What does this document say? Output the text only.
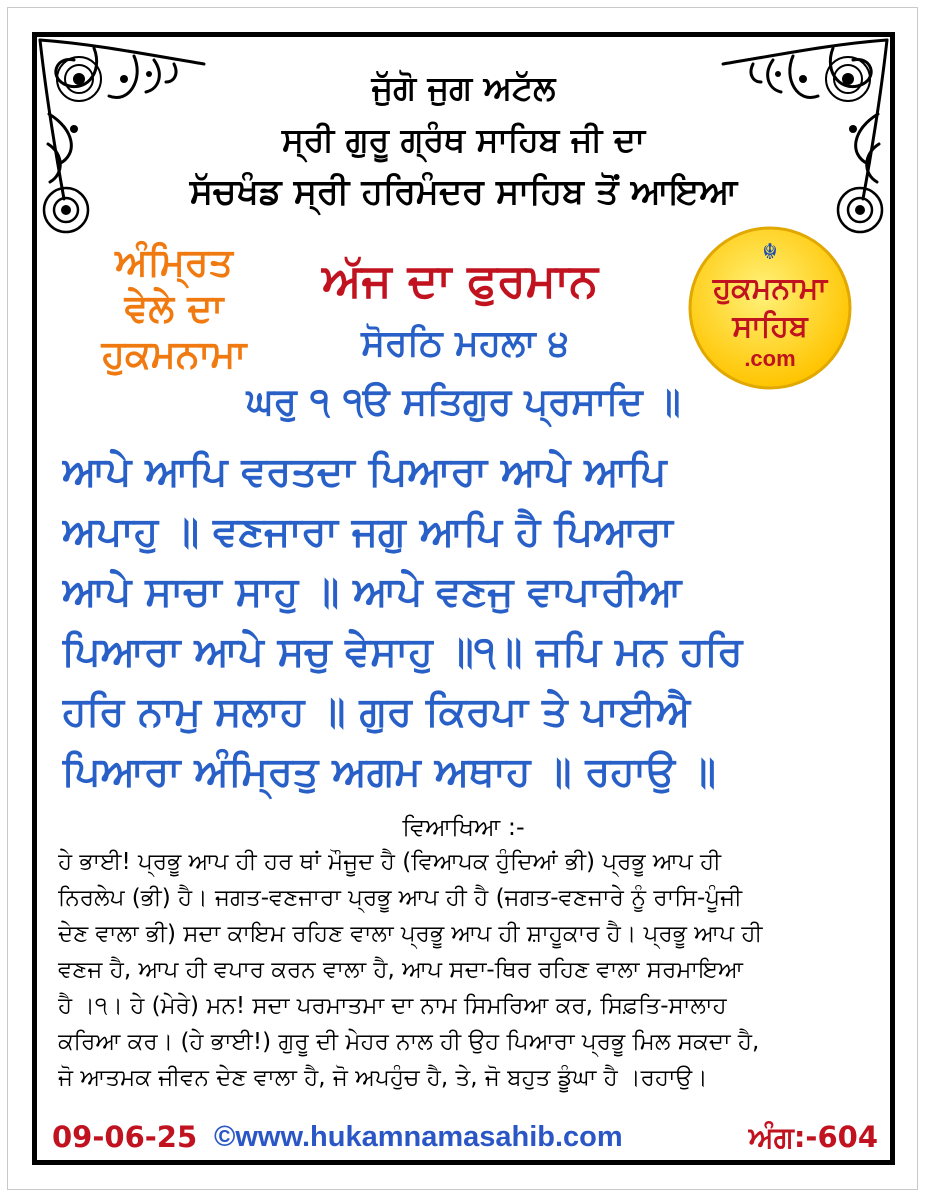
ਜੁੱਗੋ ਜੁਗ ਅਟੱਲ
ਸ੍ਰੀ ਗੁਰੂ ਗ੍ਰੰਥ ਸਾਹਿਬ ਜੀ ਦਾ
ਸੱਚਖੰਡ ਸ੍ਰੀ ਹਰਿਮੰਦਰ ਸਾਹਿਬ ਤੋਂ ਆਇਆ
ਅੰਮ੍ਰਿਤ
ਵੇਲੇ ਦਾ
ਹੁਕਮਨਾਮਾ
ਅੱਜ ਦਾ ਫੁਰਮਾਨ
☬
ਹੁਕਮਨਾਮਾ
ਸਾਹਿਬ
.com
ਸੋਰਠਿ ਮਹਲਾ ੪
ਘਰੁ ੧ ੧ੳ ਸਤਿਗੁਰ ਪ੍ਰਸਾਦਿ ॥
ਆਪੇ ਆਪਿ ਵਰਤਦਾ ਪਿਆਰਾ ਆਪੇ ਆਪਿ
ਅਪਾਹੁ ॥ ਵਣਜਾਰਾ ਜਗੁ ਆਪਿ ਹੈ ਪਿਆਰਾ
ਆਪੇ ਸਾਚਾ ਸਾਹੁ ॥ ਆਪੇ ਵਣਜੁ ਵਾਪਾਰੀਆ
ਪਿਆਰਾ ਆਪੇ ਸਚੁ ਵੇਸਾਹੁ ॥੧॥ ਜਪਿ ਮਨ ਹਰਿ
ਹਰਿ ਨਾਮੁ ਸਲਾਹ ॥ ਗੁਰ ਕਿਰਪਾ ਤੇ ਪਾਈਐ
ਪਿਆਰਾ ਅੰਮ੍ਰਿਤੁ ਅਗਮ ਅਥਾਹ ॥ ਰਹਾਉ ॥
ਵਿਆਖਿਆ :-
ਹੇ ਭਾਈ! ਪ੍ਰਭੂ ਆਪ ਹੀ ਹਰ ਥਾਂ ਮੌਜੂਦ ਹੈ (ਵਿਆਪਕ ਹੁੰਦਿਆਂ ਭੀ) ਪ੍ਰਭੂ ਆਪ ਹੀ
ਨਿਰਲੇਪ (ਭੀ) ਹੈ। ਜਗਤ-ਵਣਜਾਰਾ ਪ੍ਰਭੂ ਆਪ ਹੀ ਹੈ (ਜਗਤ-ਵਣਜਾਰੇ ਨੂੰ ਰਾਸਿ-ਪੂੰਜੀ
ਦੇਣ ਵਾਲਾ ਭੀ) ਸਦਾ ਕਾਇਮ ਰਹਿਣ ਵਾਲਾ ਪ੍ਰਭੂ ਆਪ ਹੀ ਸ਼ਾਹੂਕਾਰ ਹੈ। ਪ੍ਰਭੂ ਆਪ ਹੀ
ਵਣਜ ਹੈ, ਆਪ ਹੀ ਵਪਾਰ ਕਰਨ ਵਾਲਾ ਹੈ, ਆਪ ਸਦਾ-ਥਿਰ ਰਹਿਣ ਵਾਲਾ ਸਰਮਾਇਆ
ਹੈ ।੧। ਹੇ (ਮੇਰੇ) ਮਨ! ਸਦਾ ਪਰਮਾਤਮਾ ਦਾ ਨਾਮ ਸਿਮਰਿਆ ਕਰ, ਸਿਫ਼ਤਿ-ਸਾਲਾਹ
ਕਰਿਆ ਕਰ। (ਹੇ ਭਾਈ!) ਗੁਰੂ ਦੀ ਮੇਹਰ ਨਾਲ ਹੀ ਉਹ ਪਿਆਰਾ ਪ੍ਰਭੂ ਮਿਲ ਸਕਦਾ ਹੈ,
ਜੋ ਆਤਮਕ ਜੀਵਨ ਦੇਣ ਵਾਲਾ ਹੈ, ਜੋ ਅਪਹੁੰਚ ਹੈ, ਤੇ, ਜੋ ਬਹੁਤ ਡੂੰਘਾ ਹੈ ।ਰਹਾਉ।
09-06-25 ©www.hukamnamasahib.com	ਅੰਗ:-604
